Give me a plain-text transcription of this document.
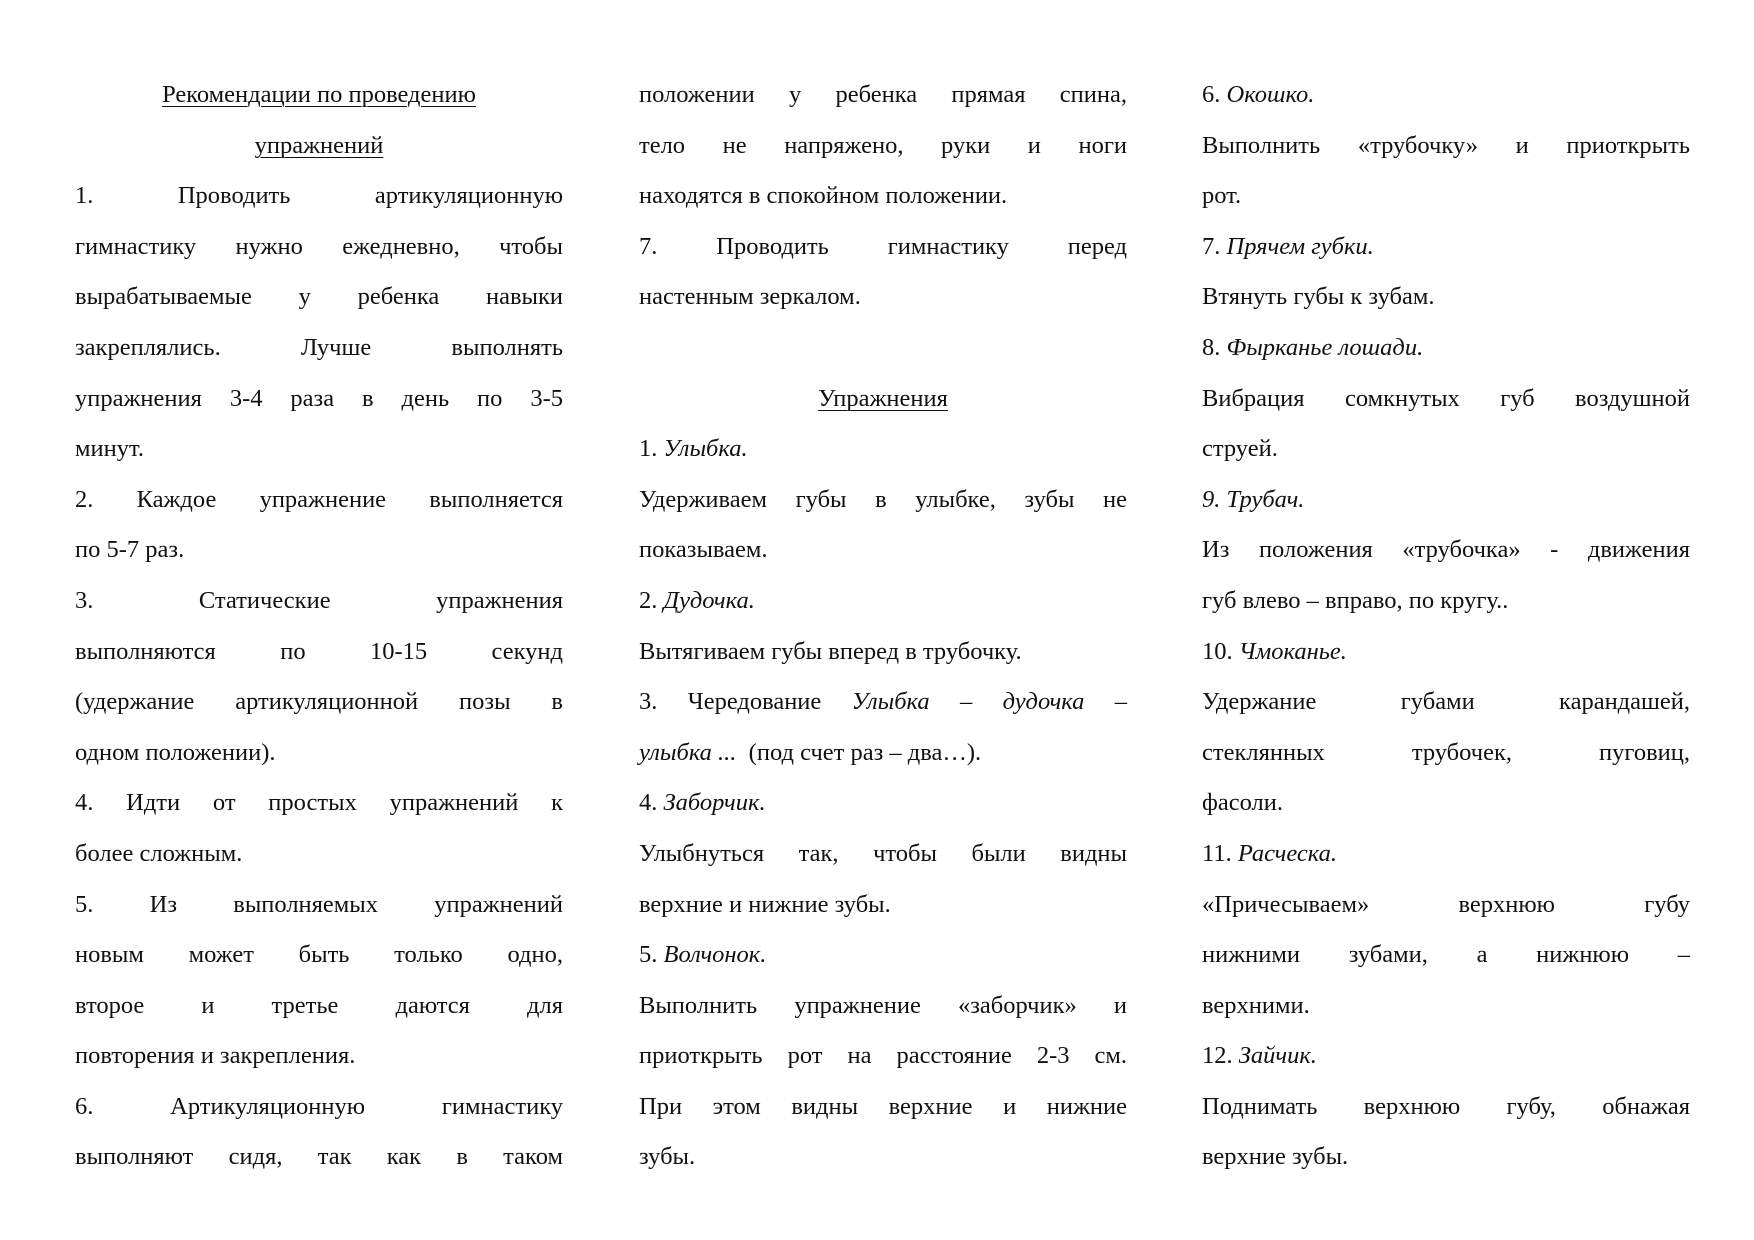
Рекомендации по проведению
упражнений
1. Проводить артикуляционную
гимнастику нужно ежедневно, чтобы
вырабатываемые у ребенка навыки
закреплялись. Лучше выполнять
упражнения 3-4 раза в день по 3-5
минут.
2. Каждое упражнение выполняется
по 5-7 раз.
3. Статические упражнения
выполняются по 10-15 секунд
(удержание артикуляционной позы в
одном положении).
4. Идти от простых упражнений к
более сложным.
5. Из выполняемых упражнений
новым может быть только одно,
второе и третье даются для
повторения и закрепления.
6. Артикуляционную гимнастику
выполняют сидя, так как в таком
положении у ребенка прямая спина,
тело не напряжено, руки и ноги
находятся в спокойном положении.
7. Проводить гимнастику перед
настенным зеркалом.
Упражнения
1. Улыбка.
Удерживаем губы в улыбке, зубы не
показываем.
2. Дудочка.
Вытягиваем губы вперед в трубочку.
3. Чередование Улыбка – дудочка –
улыбка ...  (под счет раз – два…).
4. Заборчик.
Улыбнуться так, чтобы были видны
верхние и нижние зубы.
5. Волчонок.
Выполнить упражнение «заборчик» и
приоткрыть рот на расстояние 2-3 см.
При этом видны верхние и нижние
зубы.
6. Окошко.
Выполнить «трубочку» и приоткрыть
рот.
7. Прячем губки.
Втянуть губы к зубам.
8. Фырканье лошади.
Вибрация сомкнутых губ воздушной
струей.
9. Трубач.
Из положения «трубочка» - движения
губ влево – вправо, по кругу..
10. Чмоканье.
Удержание губами карандашей,
стеклянных трубочек, пуговиц,
фасоли.
11. Расческа.
«Причесываем» верхнюю губу
нижними зубами, а нижнюю –
верхними.
12. Зайчик.
Поднимать верхнюю губу, обнажая
верхние зубы.
